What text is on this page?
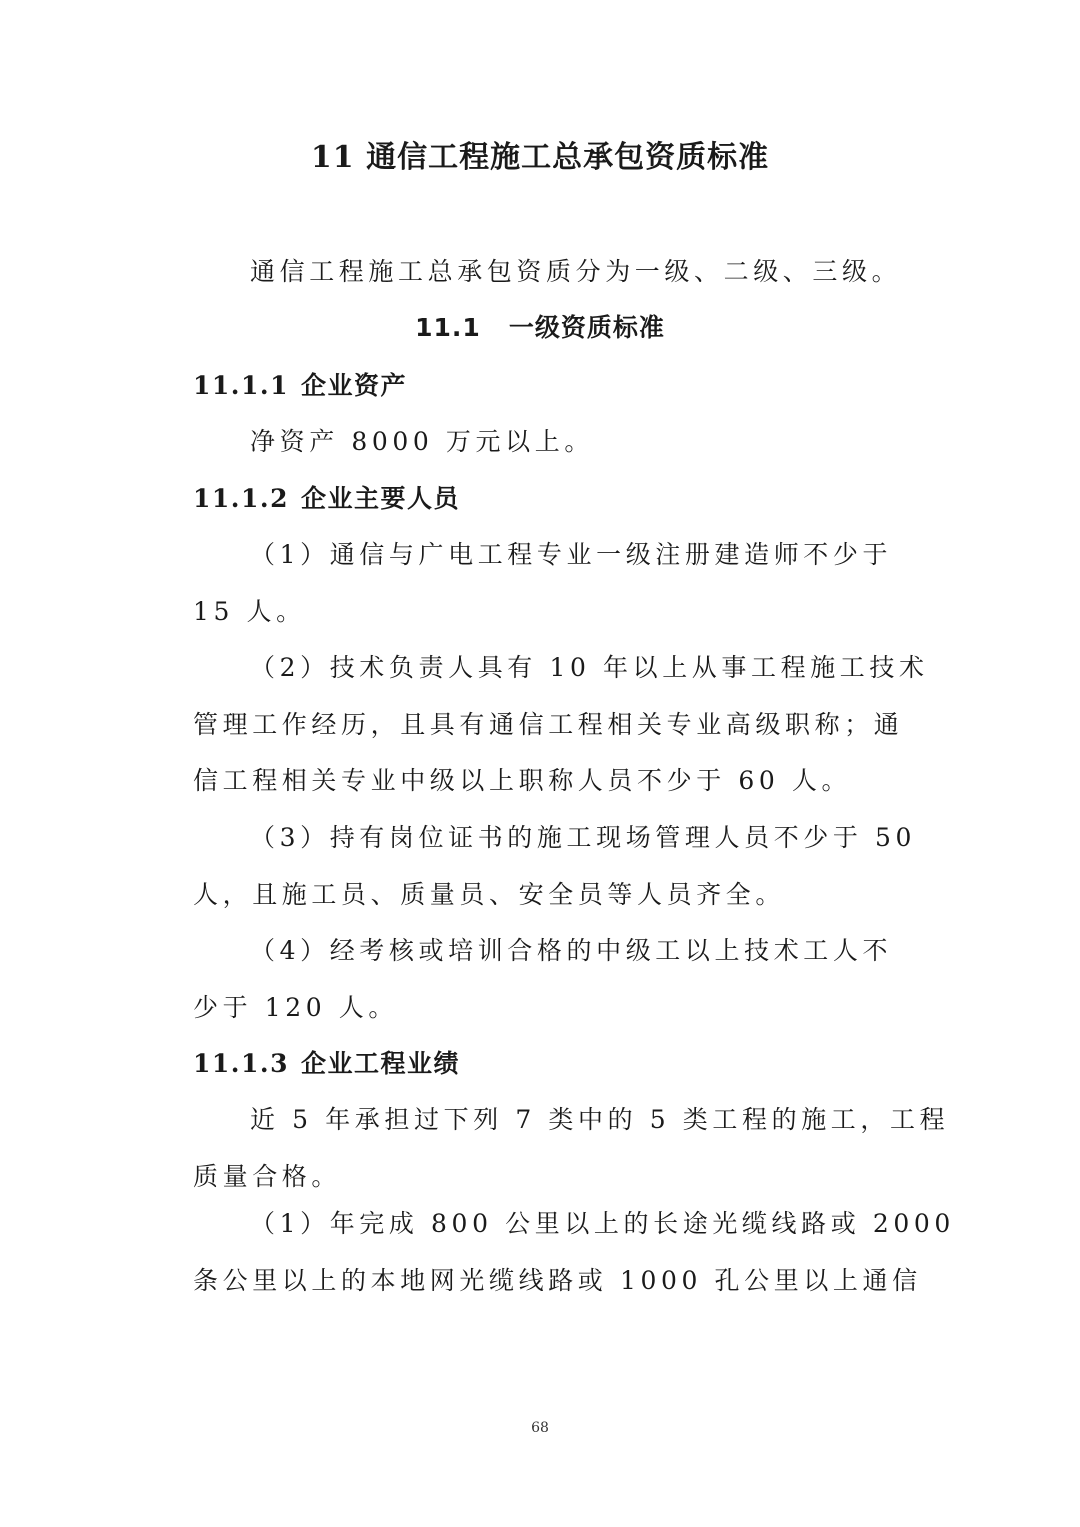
11 通信工程施工总承包资质标准
通信工程施工总承包资质分为一级、二级、三级。
11.1 一级资质标准
11.1.1 企业资产
净资产 8000 万元以上。
11.1.2 企业主要人员
（1）通信与广电工程专业一级注册建造师不少于
15 人。
（2）技术负责人具有 10 年以上从事工程施工技术
管理工作经历，且具有通信工程相关专业高级职称；通
信工程相关专业中级以上职称人员不少于 60 人。
（3）持有岗位证书的施工现场管理人员不少于 50
人，且施工员、质量员、安全员等人员齐全。
（4）经考核或培训合格的中级工以上技术工人不
少于 120 人。
11.1.3 企业工程业绩
近 5 年承担过下列 7 类中的 5 类工程的施工，工程
质量合格。
（1）年完成 800 公里以上的长途光缆线路或 2000
条公里以上的本地网光缆线路或 1000 孔公里以上通信
68
